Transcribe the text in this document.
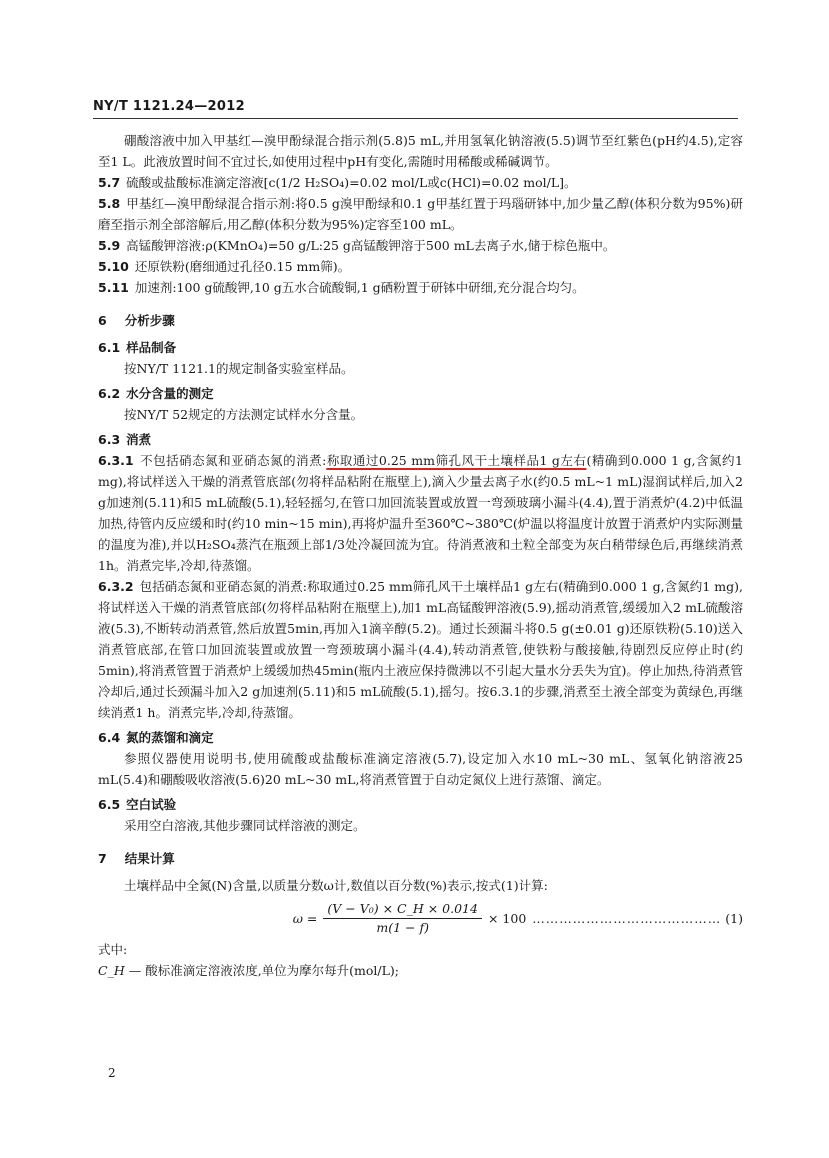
NY/T 1121.24—2012

硼酸溶液中加入甲基红—溴甲酚绿混合指示剂(5.8)5 mL,并用氢氧化钠溶液(5.5)调节至红紫色(pH约4.5),定容至1 L。此液放置时间不宜过长,如使用过程中pH有变化,需随时用稀酸或稀碱调节。

5.7 硫酸或盐酸标准滴定溶液[c(1/2 H₂SO₄)=0.02 mol/L或c(HCl)=0.02 mol/L]。

5.8 甲基红—溴甲酚绿混合指示剂:将0.5 g溴甲酚绿和0.1 g甲基红置于玛瑙研钵中,加少量乙醇(体积分数为95%)研磨至指示剂全部溶解后,用乙醇(体积分数为95%)定容至100 mL。

5.9 高锰酸钾溶液:ρ(KMnO₄)=50 g/L:25 g高锰酸钾溶于500 mL去离子水,储于棕色瓶中。

5.10 还原铁粉(磨细通过孔径0.15 mm筛)。

5.11 加速剂:100 g硫酸钾,10 g五水合硫酸铜,1 g硒粉置于研钵中研细,充分混合均匀。

6 分析步骤

6.1 样品制备

按NY/T 1121.1的规定制备实验室样品。

6.2 水分含量的测定

按NY/T 52规定的方法测定试样水分含量。

6.3 消煮

6.3.1 不包括硝态氮和亚硝态氮的消煮:称取通过0.25 mm筛孔风干土壤样品1 g左右(精确到0.000 1 g,含氮约1 mg),将试样送入干燥的消煮管底部(勿将样品粘附在瓶壁上),滴入少量去离子水(约0.5 mL~1 mL)湿润试样后,加入2 g加速剂(5.11)和5 mL硫酸(5.1),轻轻摇匀,在管口加回流装置或放置一弯颈玻璃小漏斗(4.4),置于消煮炉(4.2)中低温加热,待管内反应缓和时(约10 min~15 min),再将炉温升至360℃~380℃(炉温以将温度计放置于消煮炉内实际测量的温度为准),并以H₂SO₄蒸汽在瓶颈上部1/3处冷凝回流为宜。待消煮液和土粒全部变为灰白稍带绿色后,再继续消煮1h。消煮完毕,冷却,待蒸馏。

6.3.2 包括硝态氮和亚硝态氮的消煮:称取通过0.25 mm筛孔风干土壤样品1 g左右(精确到0.000 1 g,含氮约1 mg),将试样送入干燥的消煮管底部(勿将样品粘附在瓶壁上),加1 mL高锰酸钾溶液(5.9),摇动消煮管,缓缓加入2 mL硫酸溶液(5.3),不断转动消煮管,然后放置5min,再加入1滴辛醇(5.2)。通过长颈漏斗将0.5 g(±0.01 g)还原铁粉(5.10)送入消煮管底部,在管口加回流装置或放置一弯颈玻璃小漏斗(4.4),转动消煮管,使铁粉与酸接触,待剧烈反应停止时(约5min),将消煮管置于消煮炉上缓缓加热45min(瓶内土液应保持微沸以不引起大量水分丢失为宜)。停止加热,待消煮管冷却后,通过长颈漏斗加入2 g加速剂(5.11)和5 mL硫酸(5.1),摇匀。按6.3.1的步骤,消煮至土液全部变为黄绿色,再继续消煮1 h。消煮完毕,冷却,待蒸馏。

6.4 氮的蒸馏和滴定

参照仪器使用说明书,使用硫酸或盐酸标准滴定溶液(5.7),设定加入水10 mL~30 mL、氢氧化钠溶液25 mL(5.4)和硼酸吸收溶液(5.6)20 mL~30 mL,将消煮管置于自动定氮仪上进行蒸馏、滴定。

6.5 空白试验

采用空白溶液,其他步骤同试样溶液的测定。

7 结果计算

土壤样品中全氮(N)含量,以质量分数ω计,数值以百分数(%)表示,按式(1)计算:

$\omega = \frac{\text{(V − V₀) × C\_H × 0.014}}{m(1 - f)} \times 100$ …………………………………… (1)

式中:

C_H — 酸标准滴定溶液浓度,单位为摩尔每升(mol/L);

2
